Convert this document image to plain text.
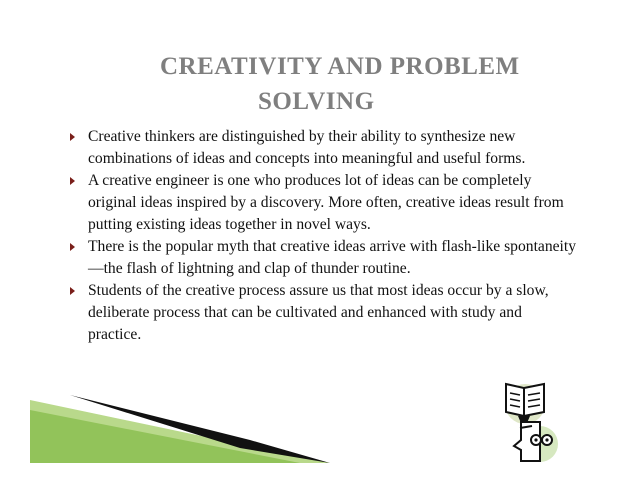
CREATIVITY AND PROBLEM
SOLVING
Creative thinkers are distinguished by their ability to synthesize new combinations of ideas and concepts into meaningful and useful forms.
A creative engineer is one who produces lot of ideas can be completely original ideas inspired by a discovery. More often, creative ideas result from putting existing ideas together in novel ways.
There is the popular myth that creative ideas arrive with flash-like spontaneity—the flash of lightning and clap of thunder routine.
Students of the creative process assure us that most ideas occur by a slow, deliberate process that can be cultivated and enhanced with study and practice.
